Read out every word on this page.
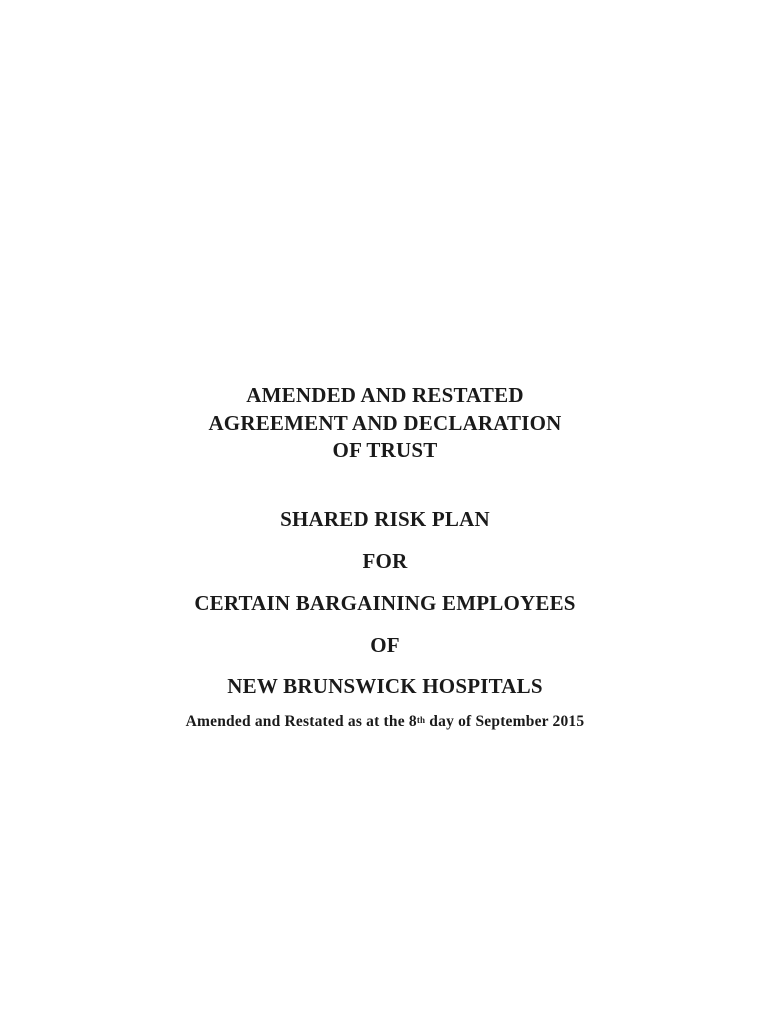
AMENDED AND RESTATED
AGREEMENT AND DECLARATION
OF TRUST
SHARED RISK PLAN
FOR
CERTAIN BARGAINING EMPLOYEES
OF
NEW BRUNSWICK HOSPITALS
Amended and Restated as at the 8th day of September 2015
